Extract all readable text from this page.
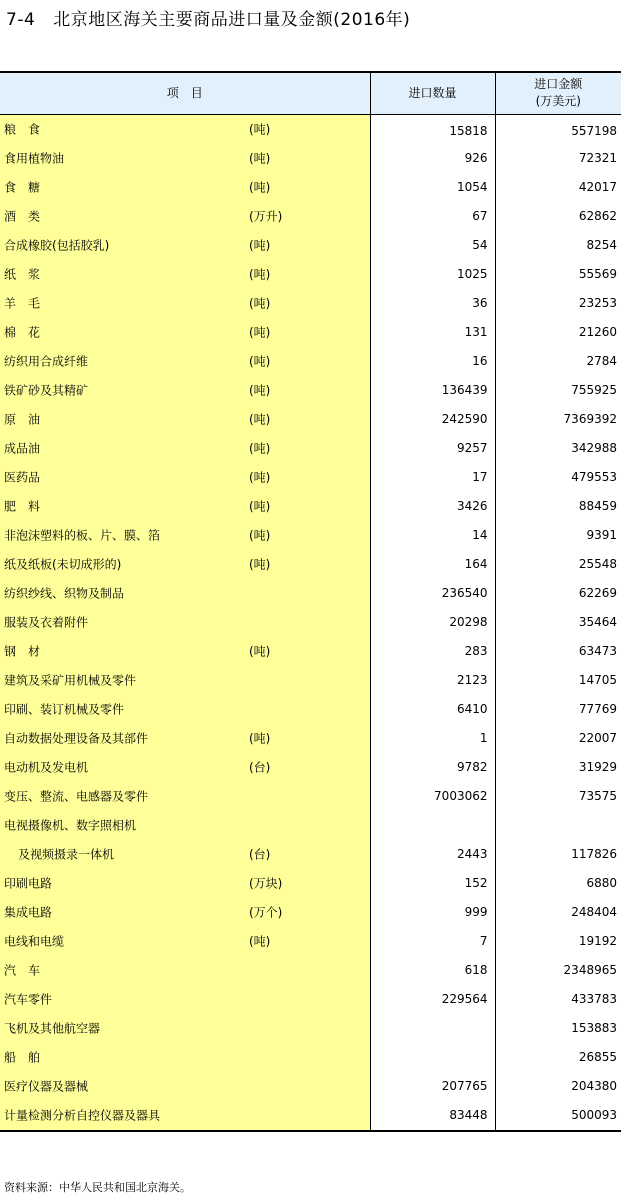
7-4 北京地区海关主要商品进口量及金额(2016年)
项　目	进口数量	进口金额
(万美元)

粮　食 (吨)	15818	557198

食用植物油 (吨)	926	72321

食　糖 (吨)	1054	42017

酒　类 (万升)	67	62862

合成橡胶(包括胶乳) (吨)	54	8254

纸　浆 (吨)	1025	55569

羊　毛 (吨)	36	23253

棉　花 (吨)	131	21260

纺织用合成纤维 (吨)	16	2784

铁矿砂及其精矿 (吨)	136439	755925

原　油 (吨)	242590	7369392

成品油 (吨)	9257	342988

医药品 (吨)	17	479553

肥　料 (吨)	3426	88459

非泡沫塑料的板、片、膜、箔 (吨)	14	9391

纸及纸板(未切成形的) (吨)	164	25548

纺织纱线、织物及制品	236540	62269

服装及衣着附件	20298	35464

钢　材 (吨)	283	63473

建筑及采矿用机械及零件	2123	14705

印刷、装订机械及零件	6410	77769

自动数据处理设备及其部件 (吨)	1	22007

电动机及发电机 (台)	9782	31929

变压、整流、电感器及零件	7003062	73575

电视摄像机、数字照相机		

及视频摄录一体机 (台)	2443	117826

印刷电路 (万块)	152	6880

集成电路 (万个)	999	248404

电线和电缆 (吨)	7	19192

汽　车	618	2348965

汽车零件	229564	433783

飞机及其他航空器		153883

船　舶		26855

医疗仪器及器械	207765	204380

计量检测分析自控仪器及器具	83448	500093
资料来源：中华人民共和国北京海关。
